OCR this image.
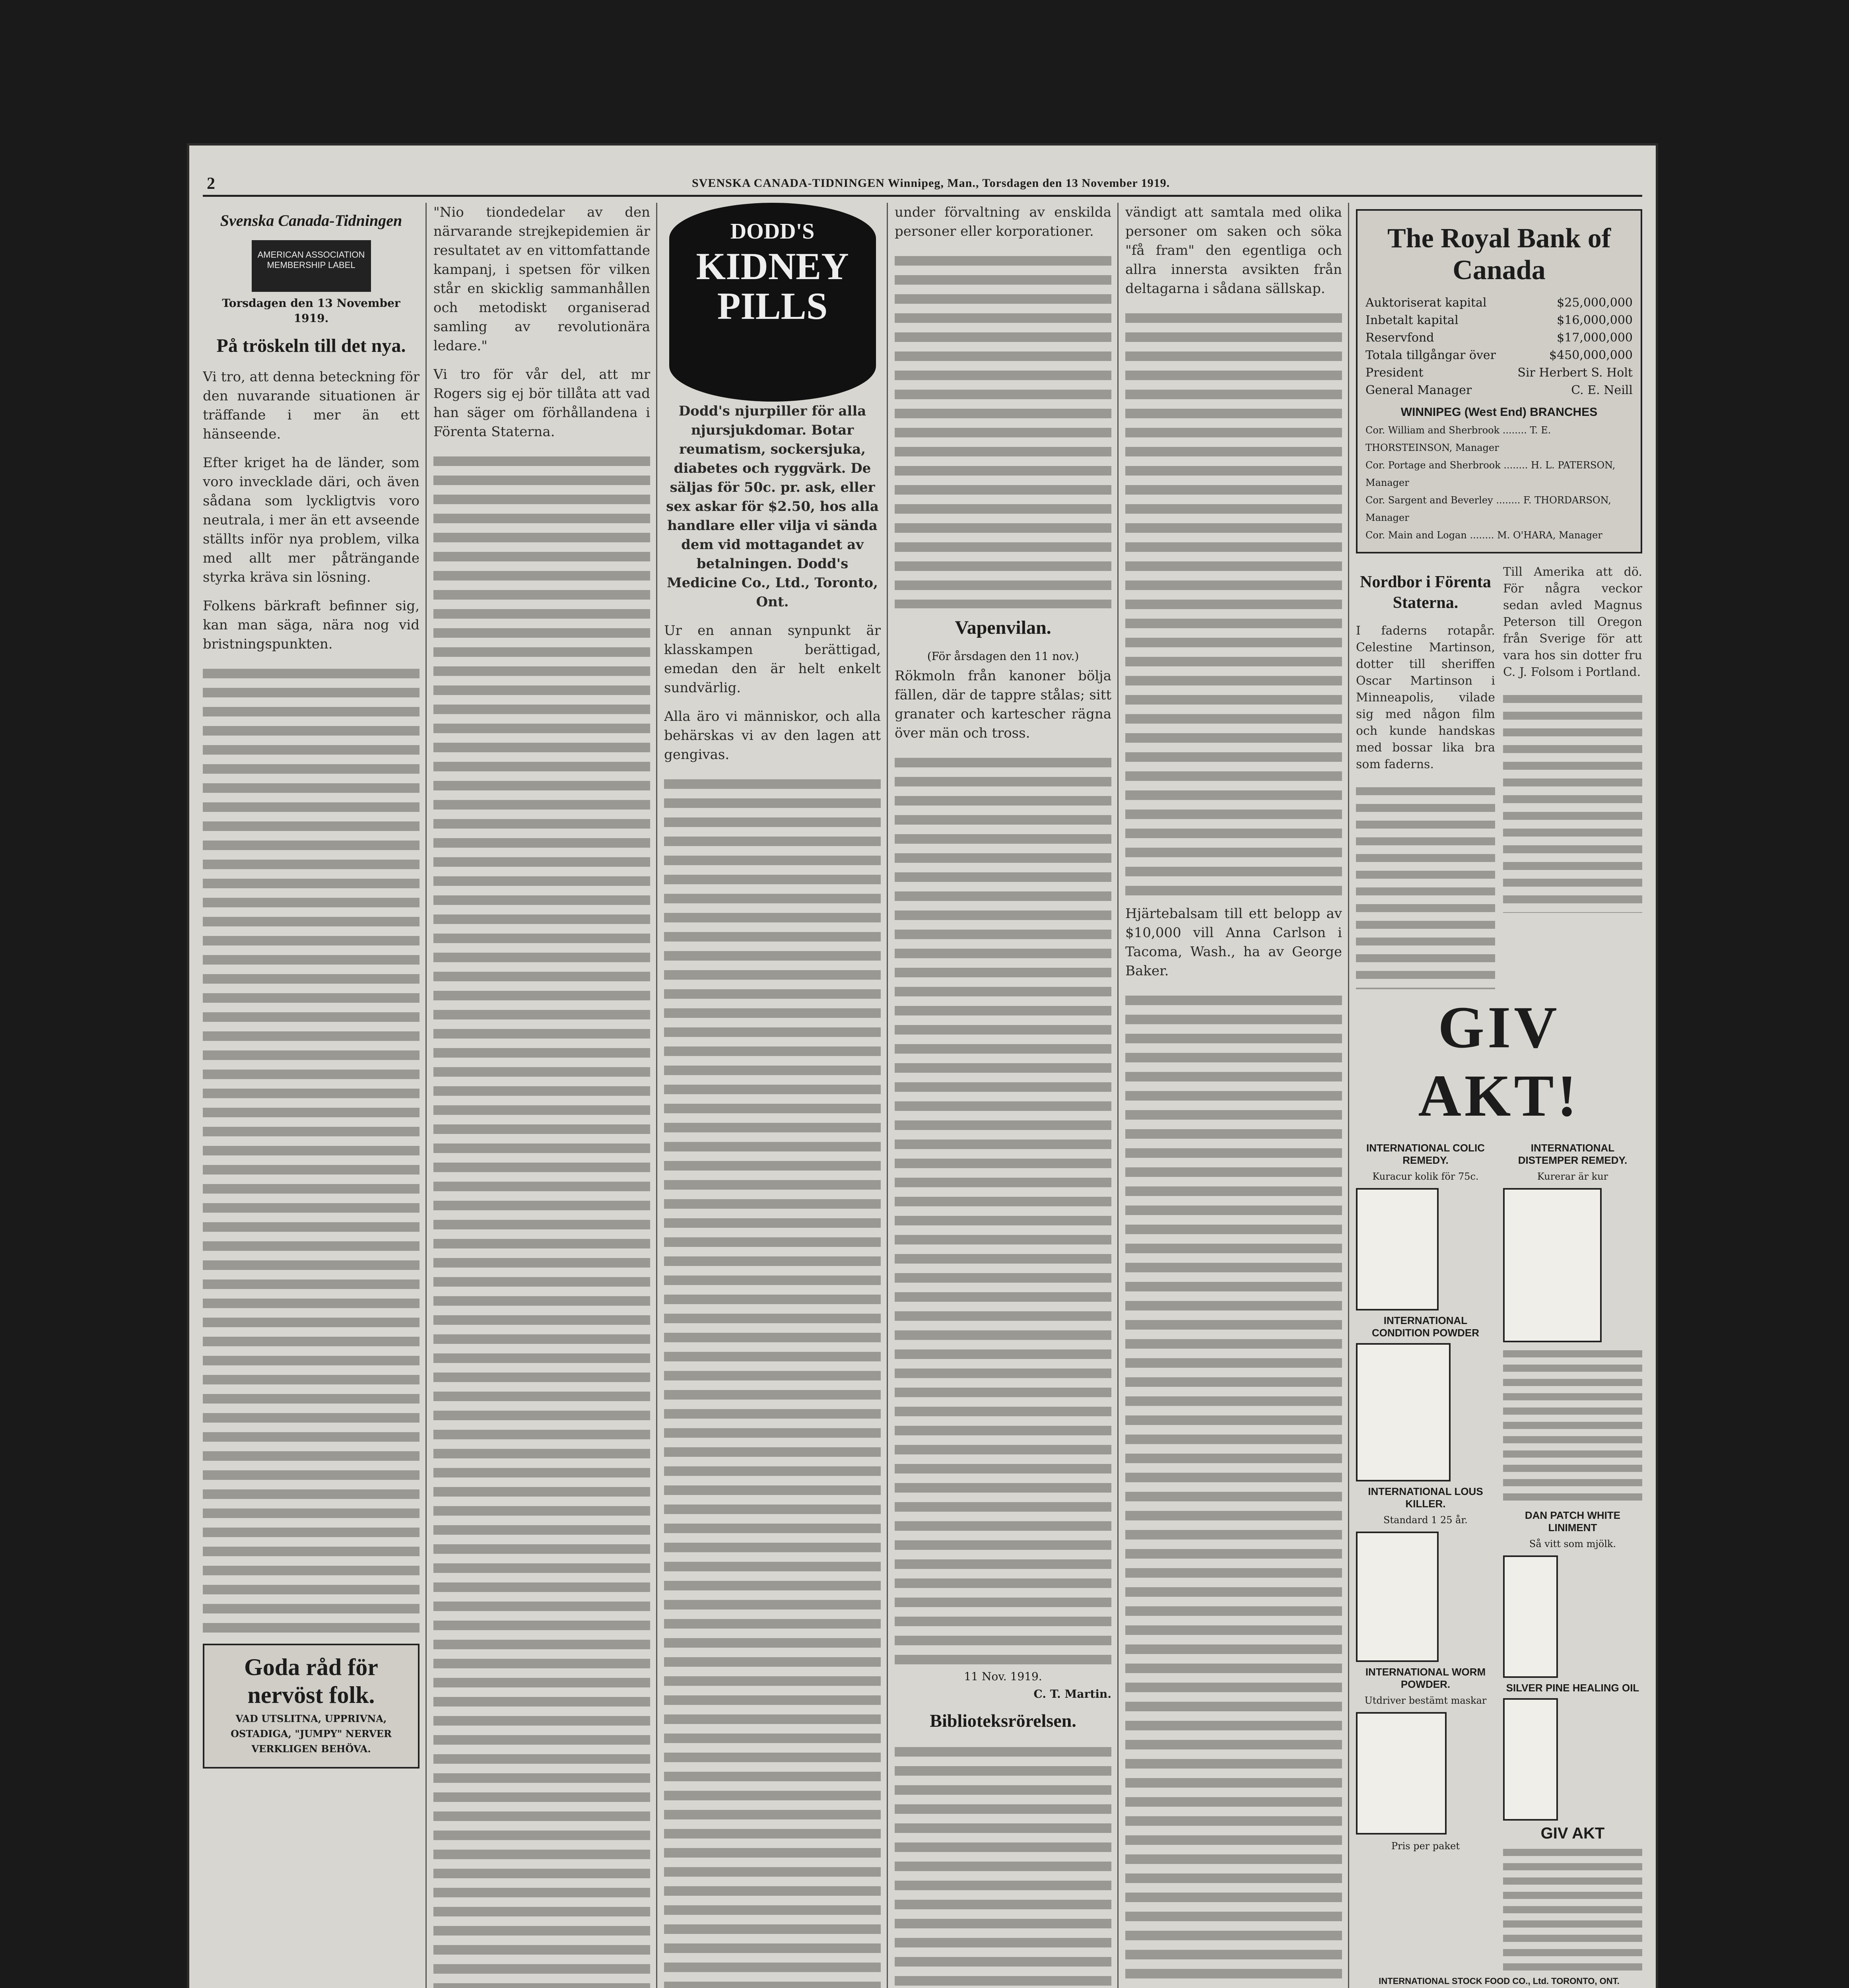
2	SVENSKA CANADA-TIDNINGEN Winnipeg, Man., Torsdagen den 13 November 1919.
Svenska Canada-Tidningen
AMERICAN ASSOCIATION
MEMBERSHIP LABEL
Torsdagen den 13 November 1919.
På tröskeln till det nya.

Vi tro, att denna beteckning för den nuvarande situationen är träffande i mer än ett hänseende.

Efter kriget ha de länder, som voro invecklade däri, och även sådana som lyckligtvis voro neutrala, i mer än ett avseende ställts inför nya problem, vilka med allt mer påträngande styrka kräva sin lösning.

Folkens bärkraft befinner sig, kan man säga, nära nog vid bristningspunkten.

Goda råd för nervöst folk.
VAD UTSLITNA, UPPRIVNA, OSTADIGA, "JUMPY" NERVER VERKLIGEN BEHÖVA.

"Nio tiondedelar av den närvarande strejkepidemien är resultatet av en vittomfattande kampanj, i spetsen för vilken står en skicklig sammanhållen och metodiskt organiserad samling av revolutionära ledare."

Vi tro för vår del, att mr Rogers sig ej bör tillåta att vad han säger om förhållandena i Förenta Staterna.

DODD'S
KIDNEY PILLS

Dodd's njurpiller för alla njursjukdomar. Botar reumatism, sockersjuka, diabetes och ryggvärk. De säljas för 50c. pr. ask, eller sex askar för $2.50, hos alla handlare eller vilja vi sända dem vid mottagandet av betalningen. Dodd's Medicine Co., Ltd., Toronto, Ont.

Ur en annan synpunkt är klasskampen berättigad, emedan den är helt enkelt sundvärlig.

Alla äro vi människor, och alla behärskas vi av den lagen att gengivas.

under förvaltning av enskilda personer eller korporationer.

Vapenvilan.
(För årsdagen den 11 nov.)

Rökmoln från kanoner bölja fällen, där de tappre stålas; sitt granater och kartescher rägna över män och tross.

11 Nov. 1919.
C. T. Martin.
Biblioteksrörelsen.

vändigt att samtala med olika personer om saken och söka "få fram" den egentliga och allra innersta avsikten från deltagarna i sådana sällskap.

Hjärtebalsam till ett belopp av $10,000 vill Anna Carlson i Tacoma, Wash., ha av George Baker.

The Royal Bank of Canada
Auktoriserat kapital	$25,000,000
Inbetalt kapital	$16,000,000
Reservfond	$17,000,000
Totala tillgångar över	$450,000,000
President	Sir Herbert S. Holt
General Manager	C. E. Neill
WINNIPEG (West End) BRANCHES
Cor. William and Sherbrook ........ T. E. THORSTEINSON, Manager
Cor. Portage and Sherbrook ........ H. L. PATERSON, Manager
Cor. Sargent and Beverley ........ F. THORDARSON, Manager
Cor. Main and Logan ........ M. O'HARA, Manager
Nordbor i Förenta Staterna.

I faderns rotapår. Celestine Martinson, dotter till sheriffen Oscar Martinson i Minneapolis, vilade sig med någon film och kunde handskas med bossar lika bra som faderns.

Till Amerika att dö. För några veckor sedan avled Magnus Peterson till Oregon från Sverige för att vara hos sin dotter fru C. J. Folsom i Portland.

GIV AKT!
INTERNATIONAL COLIC REMEDY.
Kuracur kolik för 75c.
INTERNATIONAL CONDITION POWDER
INTERNATIONAL LOUS KILLER.
Standard 1 25 år.
INTERNATIONAL WORM POWDER.
Utdriver bestämt maskar
Pris per paket
INTERNATIONAL DISTEMPER REMEDY.
Kurerar är kur
DAN PATCH WHITE LINIMENT
Så vitt som mjölk.
SILVER PINE HEALING OIL
GIV AKT
INTERNATIONAL STOCK FOOD CO., Ltd. TORONTO, ONT.
